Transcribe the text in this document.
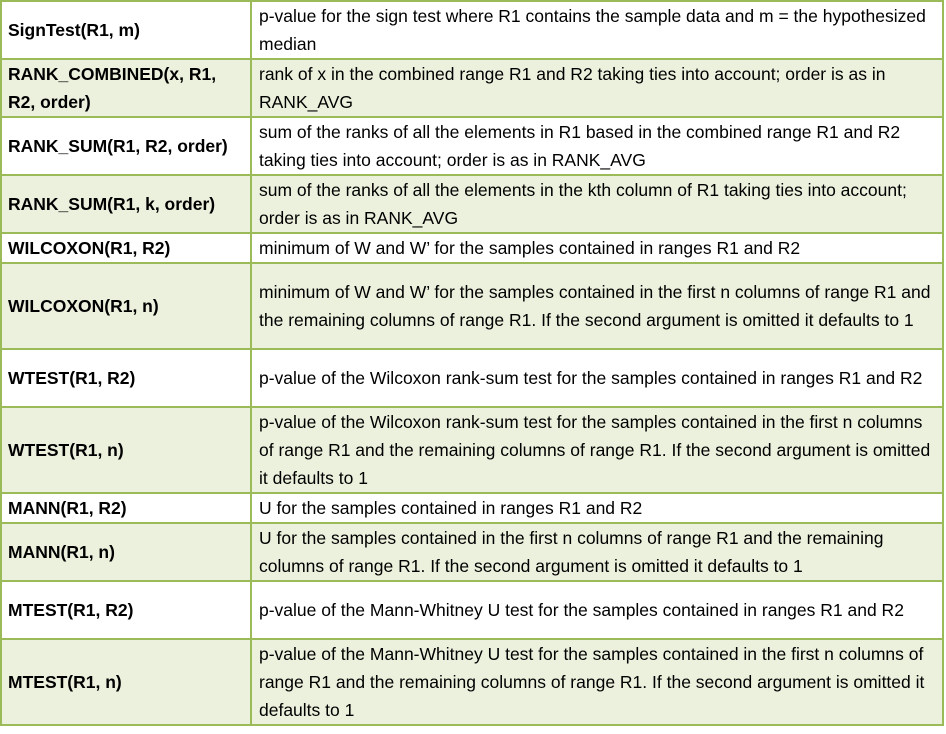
SignTest(R1, m)	p-value for the sign test where R1 contains the sample data and m = the hypothesized median
RANK_COMBINED(x, R1, R2, order)	rank of x in the combined range R1 and R2 taking ties into account; order is as in RANK_AVG
RANK_SUM(R1, R2, order)	sum of the ranks of all the elements in R1 based in the combined range R1 and R2 taking ties into account; order is as in RANK_AVG
RANK_SUM(R1, k, order)	sum of the ranks of all the elements in the kth column of R1 taking ties into account; order is as in RANK_AVG
WILCOXON(R1, R2)	minimum of W and W’ for the samples contained in ranges R1 and R2
WILCOXON(R1, n)	minimum of W and W’ for the samples contained in the first n columns of range R1 and the remaining columns of range R1. If the second argument is omitted it defaults to 1
WTEST(R1, R2)	p-value of the Wilcoxon rank-sum test for the samples contained in ranges R1 and R2
WTEST(R1, n)	p-value of the Wilcoxon rank-sum test for the samples contained in the first n columns of range R1 and the remaining columns of range R1. If the second argument is omitted it defaults to 1
MANN(R1, R2)	U for the samples contained in ranges R1 and R2
MANN(R1, n)	U for the samples contained in the first n columns of range R1 and the remaining columns of range R1. If the second argument is omitted it defaults to 1
MTEST(R1, R2)	p-value of the Mann-Whitney U test for the samples contained in ranges R1 and R2
MTEST(R1, n)	p-value of the Mann-Whitney U test for the samples contained in the first n columns of range R1 and the remaining columns of range R1. If the second argument is omitted it defaults to 1
